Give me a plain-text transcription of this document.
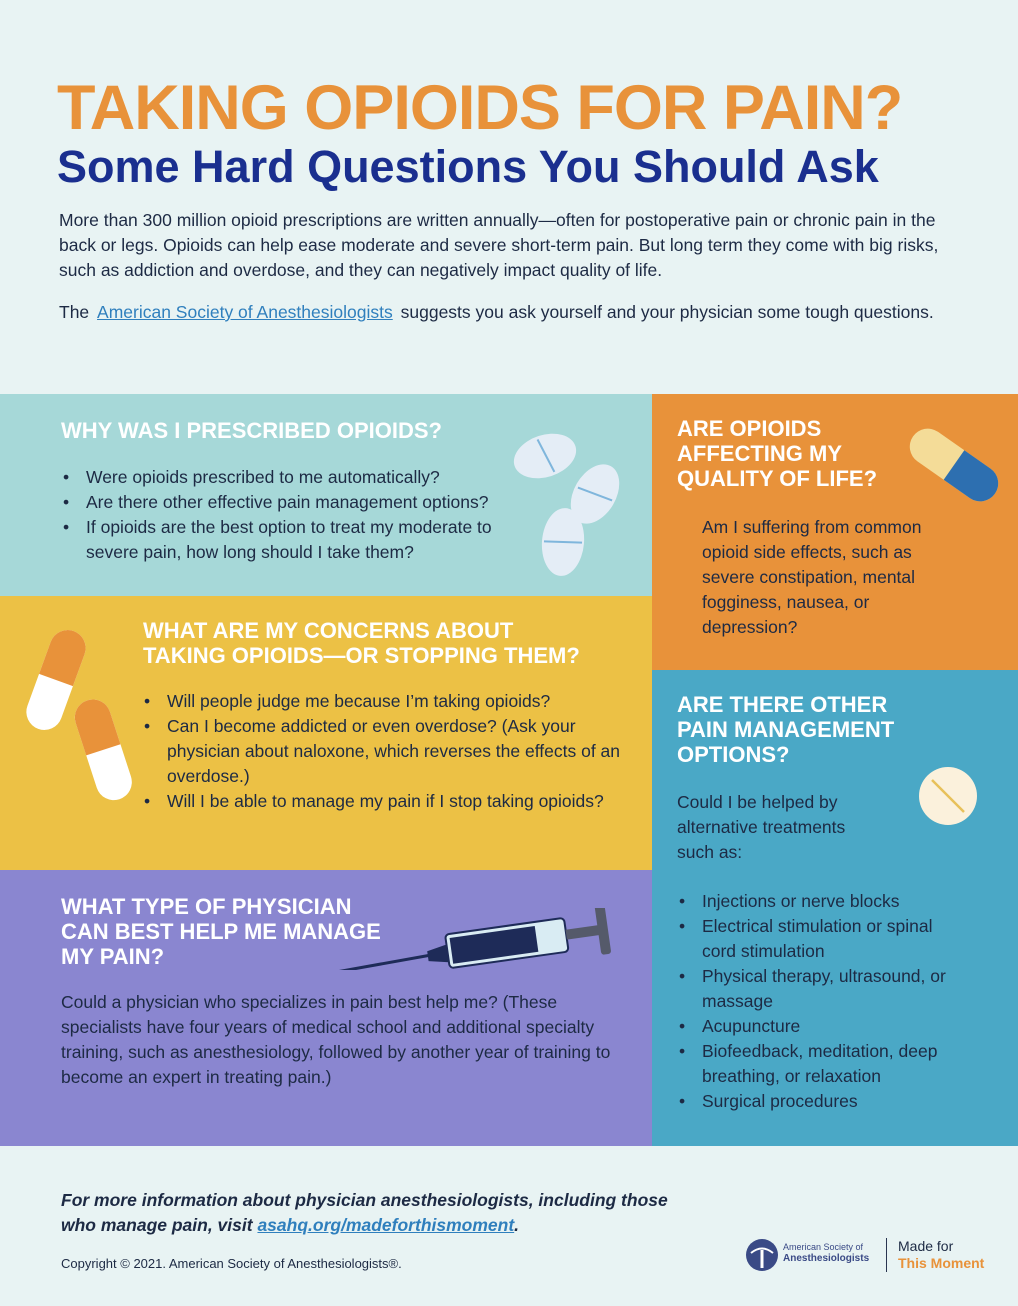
TAKING OPIOIDS FOR PAIN?
Some Hard Questions You Should Ask

More than 300 million opioid prescriptions are written annually—often for postoperative pain or chronic pain in the back or legs. Opioids can help ease moderate and severe short-term pain. But long term they come with big risks, such as addiction and overdose, and they can negatively impact quality of life.

The American Society of Anesthesiologists suggests you ask yourself and your physician some tough questions.

WHY WAS I PRESCRIBED OPIOIDS?
• Were opioids prescribed to me automatically?
• Are there other effective pain management options?
• If opioids are the best option to treat my moderate to severe pain, how long should I take them?
WHAT ARE MY CONCERNS ABOUT
TAKING OPIOIDS—OR STOPPING THEM?
• Will people judge me because I’m taking opioids?
• Can I become addicted or even overdose? (Ask your physician about naloxone, which reverses the effects of an overdose.)
• Will I be able to manage my pain if I stop taking opioids?
WHAT TYPE OF PHYSICIAN
CAN BEST HELP ME MANAGE
MY PAIN?

Could a physician who specializes in pain best help me? (These specialists have four years of medical school and additional specialty training, such as anesthesiology, followed by another year of training to become an expert in treating pain.)

ARE OPIOIDS
AFFECTING MY
QUALITY OF LIFE?

Am I suffering from common opioid side effects, such as severe constipation, mental fogginess, nausea, or depression?

ARE THERE OTHER
PAIN MANAGEMENT
OPTIONS?

Could I be helped by alternative treatments such as:

• Injections or nerve blocks
• Electrical stimulation or spinal cord stimulation
• Physical therapy, ultrasound, or massage
• Acupuncture
• Biofeedback, meditation, deep breathing, or relaxation
• Surgical procedures

For more information about physician anesthesiologists, including those who manage pain, visit asahq.org/madeforthismoment.

Copyright © 2021. American Society of Anesthesiologists®.
American Society of
Anesthesiologists
Made for
This Moment
